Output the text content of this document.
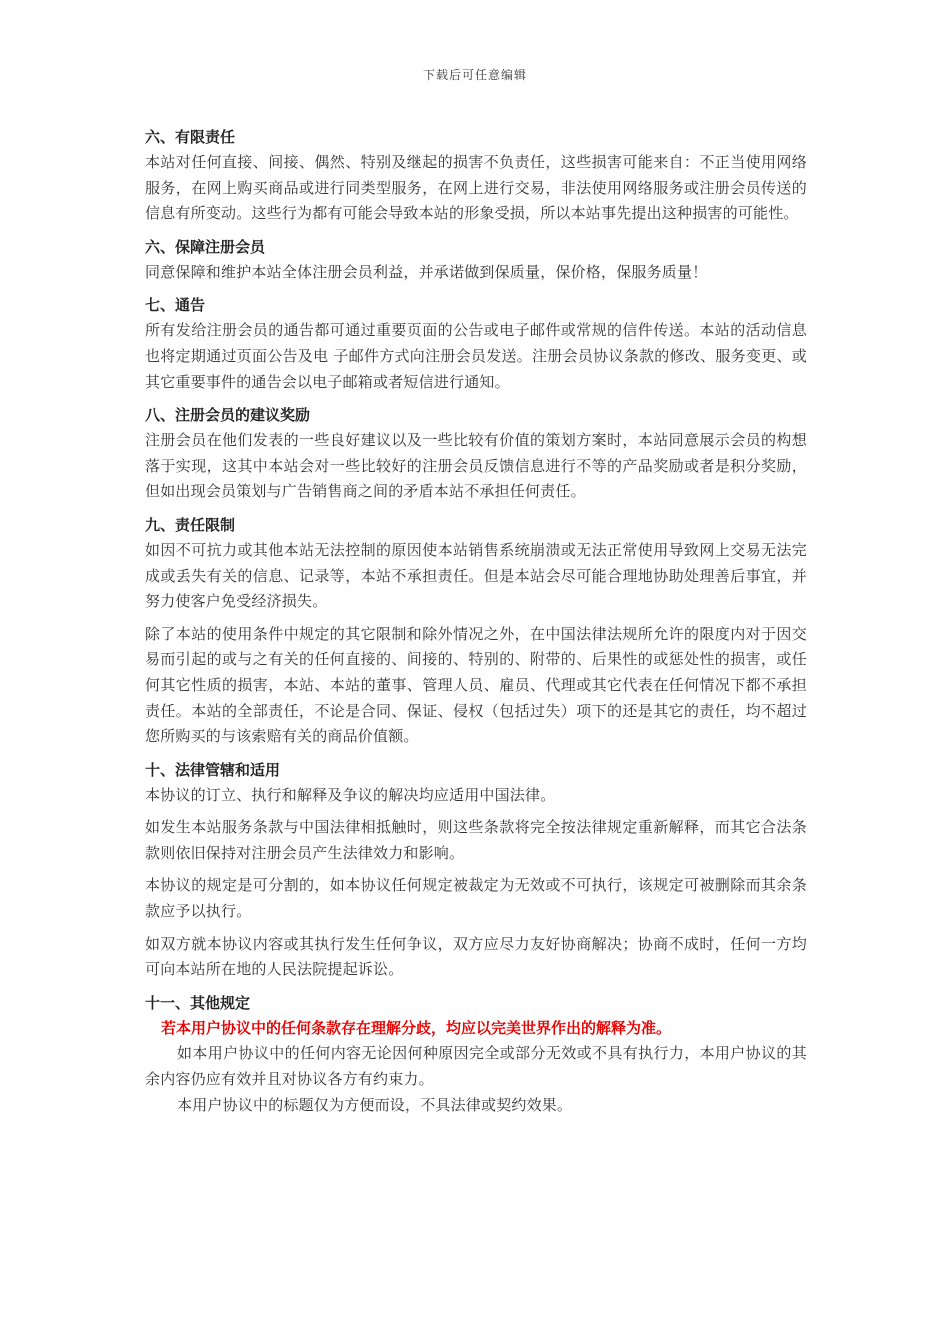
下载后可任意编辑
六、有限责任

本站对任何直接、间接、偶然、特别及继起的损害不负责任，这些损害可能来自：不正当使用网络服务，在网上购买商品或进行同类型服务，在网上进行交易，非法使用网络服务或注册会员传送的信息有所变动。这些行为都有可能会导致本站的形象受损，所以本站事先提出这种损害的可能性。

六、保障注册会员

同意保障和维护本站全体注册会员利益，并承诺做到保质量，保价格，保服务质量！

七、通告

所有发给注册会员的通告都可通过重要页面的公告或电子邮件或常规的信件传送。本站的活动信息也将定期通过页面公告及电 子邮件方式向注册会员发送。注册会员协议条款的修改、服务变更、或其它重要事件的通告会以电子邮箱或者短信进行通知。

八、注册会员的建议奖励

注册会员在他们发表的一些良好建议以及一些比较有价值的策划方案时，本站同意展示会员的构想落于实现，这其中本站会对一些比较好的注册会员反馈信息进行不等的产品奖励或者是积分奖励，但如出现会员策划与广告销售商之间的矛盾本站不承担任何责任。

九、责任限制

如因不可抗力或其他本站无法控制的原因使本站销售系统崩溃或无法正常使用导致网上交易无法完成或丢失有关的信息、记录等，本站不承担责任。但是本站会尽可能合理地协助处理善后事宜，并努力使客户免受经济损失。

除了本站的使用条件中规定的其它限制和除外情况之外，在中国法律法规所允许的限度内对于因交易而引起的或与之有关的任何直接的、间接的、特别的、附带的、后果性的或惩处性的损害，或任何其它性质的损害，本站、本站的董事、管理人员、雇员、代理或其它代表在任何情况下都不承担责任。本站的全部责任，不论是合同、保证、侵权（包括过失）项下的还是其它的责任，均不超过您所购买的与该索赔有关的商品价值额。

十、法律管辖和适用

本协议的订立、执行和解释及争议的解决均应适用中国法律。

如发生本站服务条款与中国法律相抵触时，则这些条款将完全按法律规定重新解释，而其它合法条款则依旧保持对注册会员产生法律效力和影响。

本协议的规定是可分割的，如本协议任何规定被裁定为无效或不可执行，该规定可被删除而其余条款应予以执行。

如双方就本协议内容或其执行发生任何争议，双方应尽力友好协商解决；协商不成时，任何一方均可向本站所在地的人民法院提起诉讼。

十一、其他规定

若本用户协议中的任何条款存在理解分歧，均应以完美世界作出的解释为准。

如本用户协议中的任何内容无论因何种原因完全或部分无效或不具有执行力，本用户协议的其余内容仍应有效并且对协议各方有约束力。

本用户协议中的标题仅为方便而设，不具法律或契约效果。
